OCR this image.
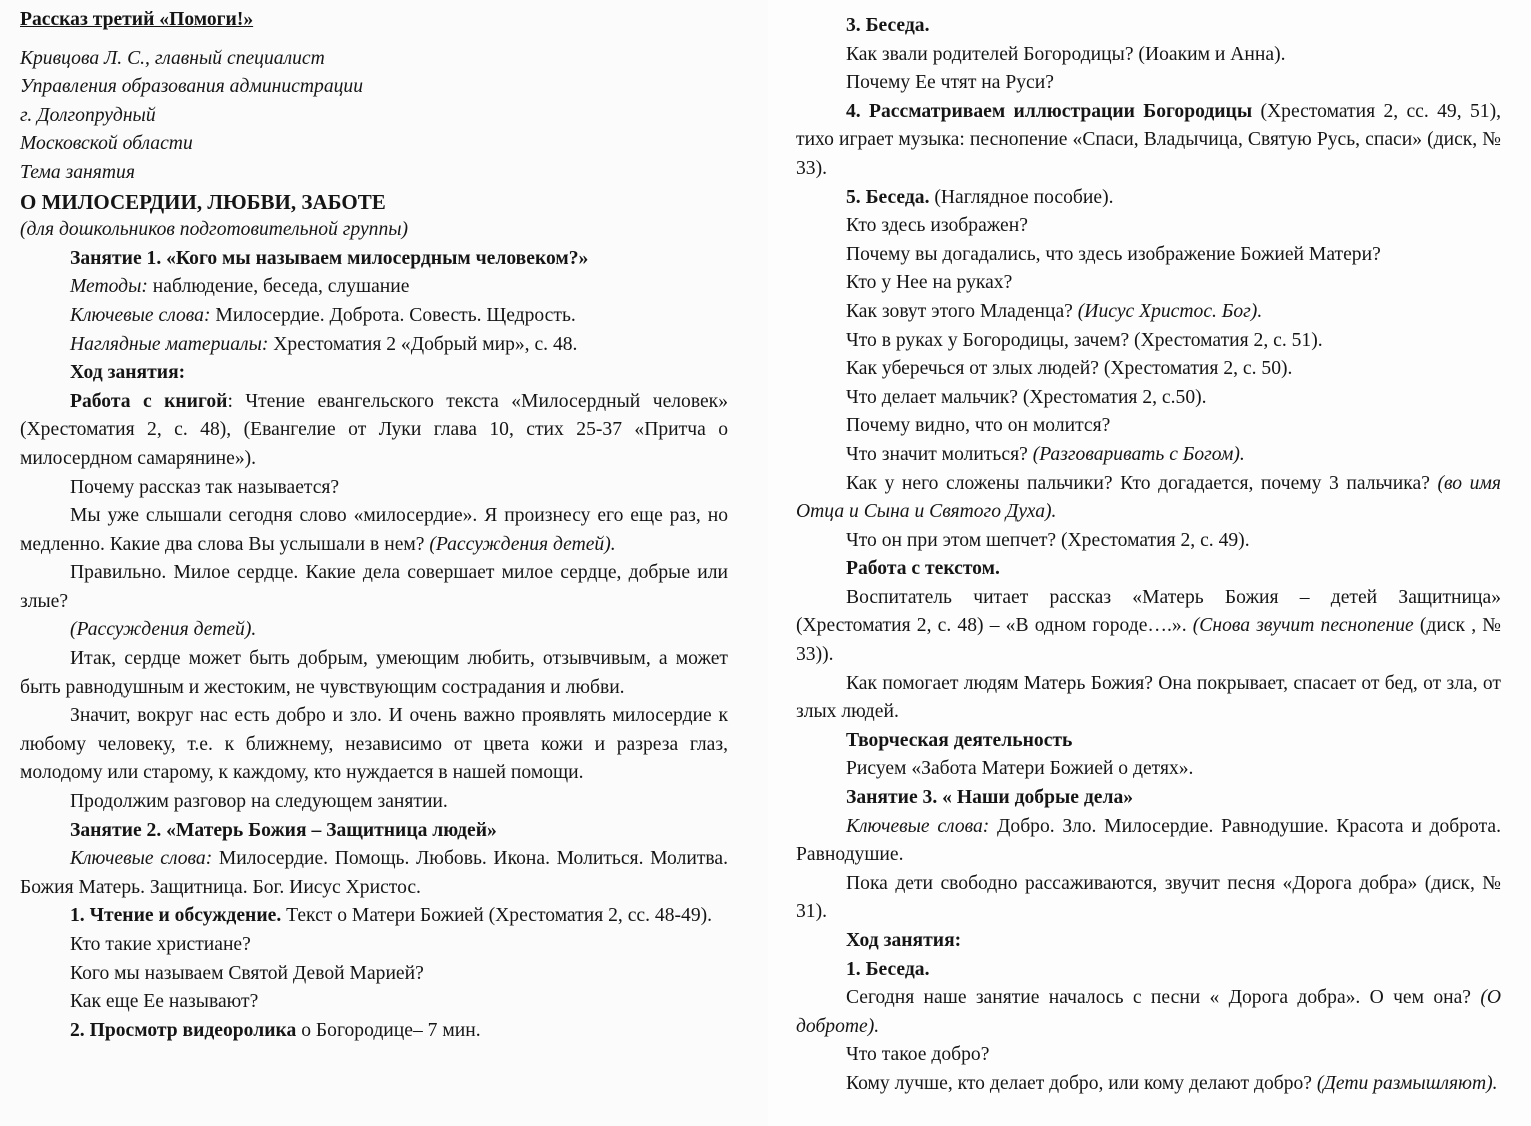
Рассказ третий «Помоги!»

Кривцова Л. С., главный специалист

Управления образования администрации

г. Долгопрудный

Московской области

Тема занятия

О МИЛОСЕРДИИ, ЛЮБВИ, ЗАБОТЕ

(для дошкольников подготовительной группы)

Занятие 1. «Кого мы называем милосердным человеком?»

Методы: наблюдение, беседа, слушание

Ключевые слова: Милосердие. Доброта. Совесть. Щедрость.

Наглядные материалы: Хрестоматия 2 «Добрый мир», с. 48.

Ход занятия:

Работа с книгой: Чтение евангельского текста «Милосердный человек» (Хрестоматия 2, с. 48), (Евангелие от Луки глава 10, стих 25-37 «Притча о милосердном самарянине»).

Почему рассказ так называется?

Мы уже слышали сегодня слово «милосердие». Я произнесу его еще раз, но медленно. Какие два слова Вы услышали в нем? (Рассуждения детей).

Правильно. Милое сердце. Какие дела совершает милое сердце, добрые или злые?

(Рассуждения детей).

Итак, сердце может быть добрым, умеющим любить, отзывчивым, а может быть равнодушным и жестоким, не чувствующим сострадания и любви.

Значит, вокруг нас есть добро и зло. И очень важно проявлять милосердие к любому человеку, т.е. к ближнему, независимо от цвета кожи и разреза глаз, молодому или старому, к каждому, кто нуждается в нашей помощи.

Продолжим разговор на следующем занятии.

Занятие 2. «Матерь Божия – Защитница людей»

Ключевые слова: Милосердие. Помощь. Любовь. Икона. Молиться. Молитва. Божия Матерь. Защитница. Бог. Иисус Христос.

1. Чтение и обсуждение. Текст о Матери Божией (Хрестоматия 2, сс. 48-49).

Кто такие христиане?

Кого мы называем Святой Девой Марией?

Как еще Ее называют?

2. Просмотр видеоролика о Богородице– 7 мин.

3. Беседа.

Как звали родителей Богородицы? (Иоаким и Анна).

Почему Ее чтят на Руси?

4. Рассматриваем иллюстрации Богородицы (Хрестоматия 2, сс. 49, 51), тихо играет музыка: песнопение «Спаси, Владычица, Святую Русь, спаси» (диск, № 33).

5. Беседа. (Наглядное пособие).

Кто здесь изображен?

Почему вы догадались, что здесь изображение Божией Матери?

Кто у Нее на руках?

Как зовут этого Младенца? (Иисус Христос. Бог).

Что в руках у Богородицы, зачем? (Хрестоматия 2, с. 51).

Как уберечься от злых людей? (Хрестоматия 2, с. 50).

Что делает мальчик? (Хрестоматия 2, с.50).

Почему видно, что он молится?

Что значит молиться? (Разговаривать с Богом).

Как у него сложены пальчики? Кто догадается, почему 3 пальчика? (во имя Отца и Сына и Святого Духа).

Что он при этом шепчет? (Хрестоматия 2, с. 49).

Работа с текстом.

Воспитатель читает рассказ «Матерь Божия – детей Защитница» (Хрестоматия 2, с. 48) – «В одном городе….». (Снова звучит песнопение (диск , № 33)).

Как помогает людям Матерь Божия? Она покрывает, спасает от бед, от зла, от злых людей.

Творческая деятельность

Рисуем «Забота Матери Божией о детях».

Занятие 3. « Наши добрые дела»

Ключевые слова: Добро. Зло. Милосердие. Равнодушие. Красота и доброта. Равнодушие.

Пока дети свободно рассаживаются, звучит песня «Дорога добра» (диск, № 31).

Ход занятия:

1. Беседа.

Сегодня наше занятие началось с песни « Дорога добра». О чем она? (О доброте).

Что такое добро?

Кому лучше, кто делает добро, или кому делают добро? (Дети размышляют).
